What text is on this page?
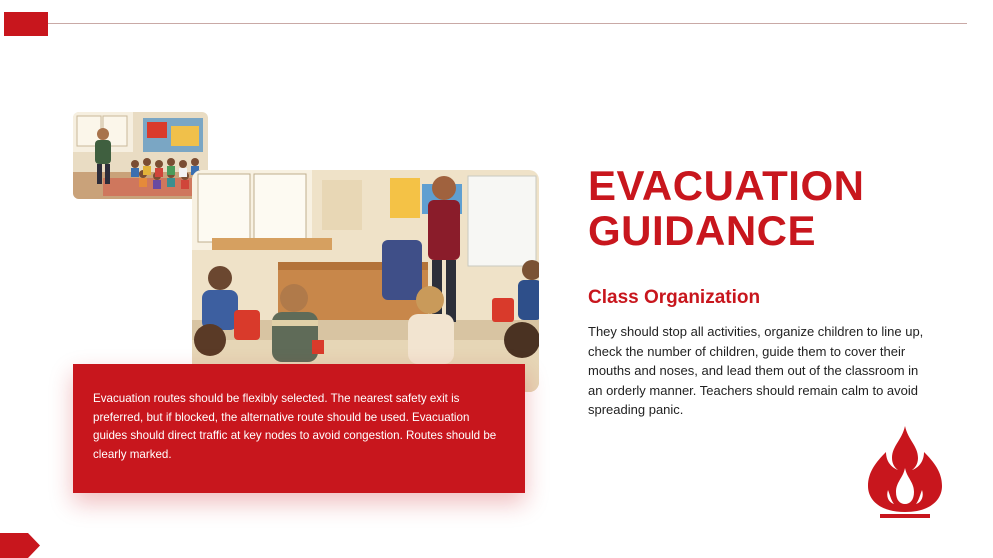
Evacuation routes should be flexibly selected. The nearest safety exit is preferred, but if blocked, the alternative route should be used. Evacuation guides should direct traffic at key nodes to avoid congestion. Routes should be clearly marked.

EVACUATION
GUIDANCE
Class Organization

They should stop all activities, organize children to line up, check the number of children, guide them to cover their mouths and noses, and lead them out of the classroom in an orderly manner. Teachers should remain calm to avoid spreading panic.
